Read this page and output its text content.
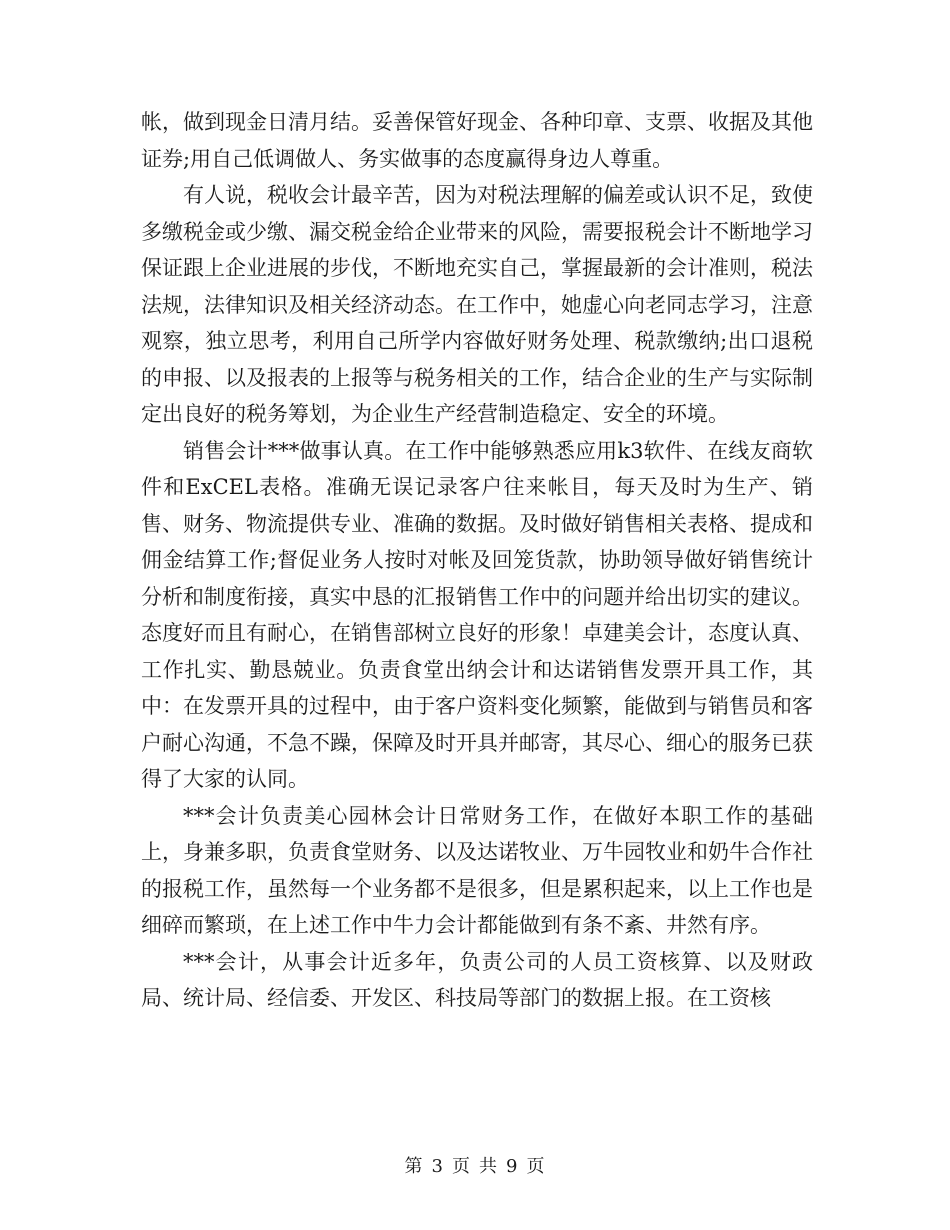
帐，做到现金日清月结。妥善保管好现金、各种印章、支票、收据及其他证券;用自己低调做人、务实做事的态度赢得身边人尊重。

有人说，税收会计最辛苦，因为对税法理解的偏差或认识不足，致使多缴税金或少缴、漏交税金给企业带来的风险，需要报税会计不断地学习保证跟上企业进展的步伐，不断地充实自己，掌握最新的会计准则，税法法规，法律知识及相关经济动态。在工作中，她虚心向老同志学习，注意观察，独立思考，利用自己所学内容做好财务处理、税款缴纳;出口退税的申报、以及报表的上报等与税务相关的工作，结合企业的生产与实际制定出良好的税务筹划，为企业生产经营制造稳定、安全的环境。

销售会计***做事认真。在工作中能够熟悉应用k3软件、在线友商软件和ExCEL表格。准确无误记录客户往来帐目，每天及时为生产、销售、财务、物流提供专业、准确的数据。及时做好销售相关表格、提成和佣金结算工作;督促业务人按时对帐及回笼货款，协助领导做好销售统计分析和制度衔接，真实中恳的汇报销售工作中的问题并给出切实的建议。态度好而且有耐心，在销售部树立良好的形象！卓建美会计，态度认真、工作扎实、勤恳兢业。负责食堂出纳会计和达诺销售发票开具工作，其中：在发票开具的过程中，由于客户资料变化频繁，能做到与销售员和客户耐心沟通，不急不躁，保障及时开具并邮寄，其尽心、细心的服务已获得了大家的认同。

***会计负责美心园林会计日常财务工作，在做好本职工作的基础上，身兼多职，负责食堂财务、以及达诺牧业、万牛园牧业和奶牛合作社的报税工作，虽然每一个业务都不是很多，但是累积起来，以上工作也是细碎而繁琐，在上述工作中牛力会计都能做到有条不紊、井然有序。

***会计，从事会计近多年，负责公司的人员工资核算、以及财政局、统计局、经信委、开发区、科技局等部门的数据上报。在工资核

第 3 页 共 9 页
